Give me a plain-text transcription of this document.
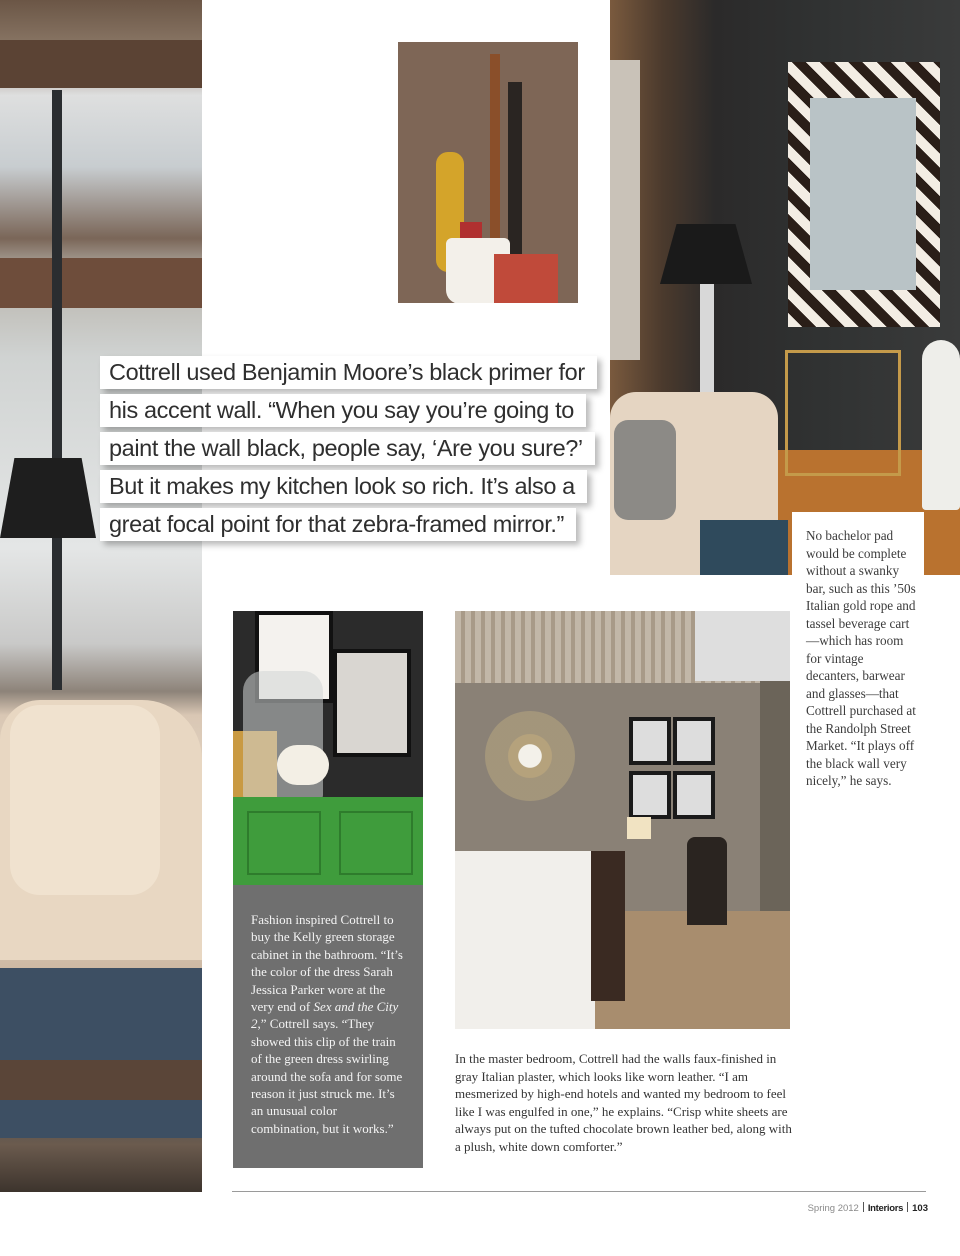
No bachelor pad would be complete without a swanky bar, such as this ’50s Italian gold rope and tassel beverage cart—which has room for vintage decanters, barwear and glasses—that Cottrell purchased at the Randolph Street Market. “It plays off the black wall very nicely,” he says.

Cottrell used Benjamin Moore’s black primer for
his accent wall. “When you say you’re going to
paint the wall black, people say, ‘Are you sure?’
But it makes my kitchen look so rich. It’s also a
great focal point for that zebra-framed mirror.”

Fashion inspired Cottrell to buy the Kelly green storage cabinet in the bathroom. “It’s the color of the dress Sarah Jessica Parker wore at the very end of Sex and the City 2,” Cottrell says. “They showed this clip of the train of the green dress swirling around the sofa and for some reason it just struck me. It’s an unusual color combination, but it works.”

In the master bedroom, Cottrell had the walls faux-finished in gray Italian plaster, which looks like worn leather. “I am mesmerized by high-end hotels and wanted my bedroom to feel like I was engulfed in one,” he explains. “Crisp white sheets are always put on the tufted chocolate brown leather bed, along with a plush, white down comforter.”

Spring 2012 Interiors 103
